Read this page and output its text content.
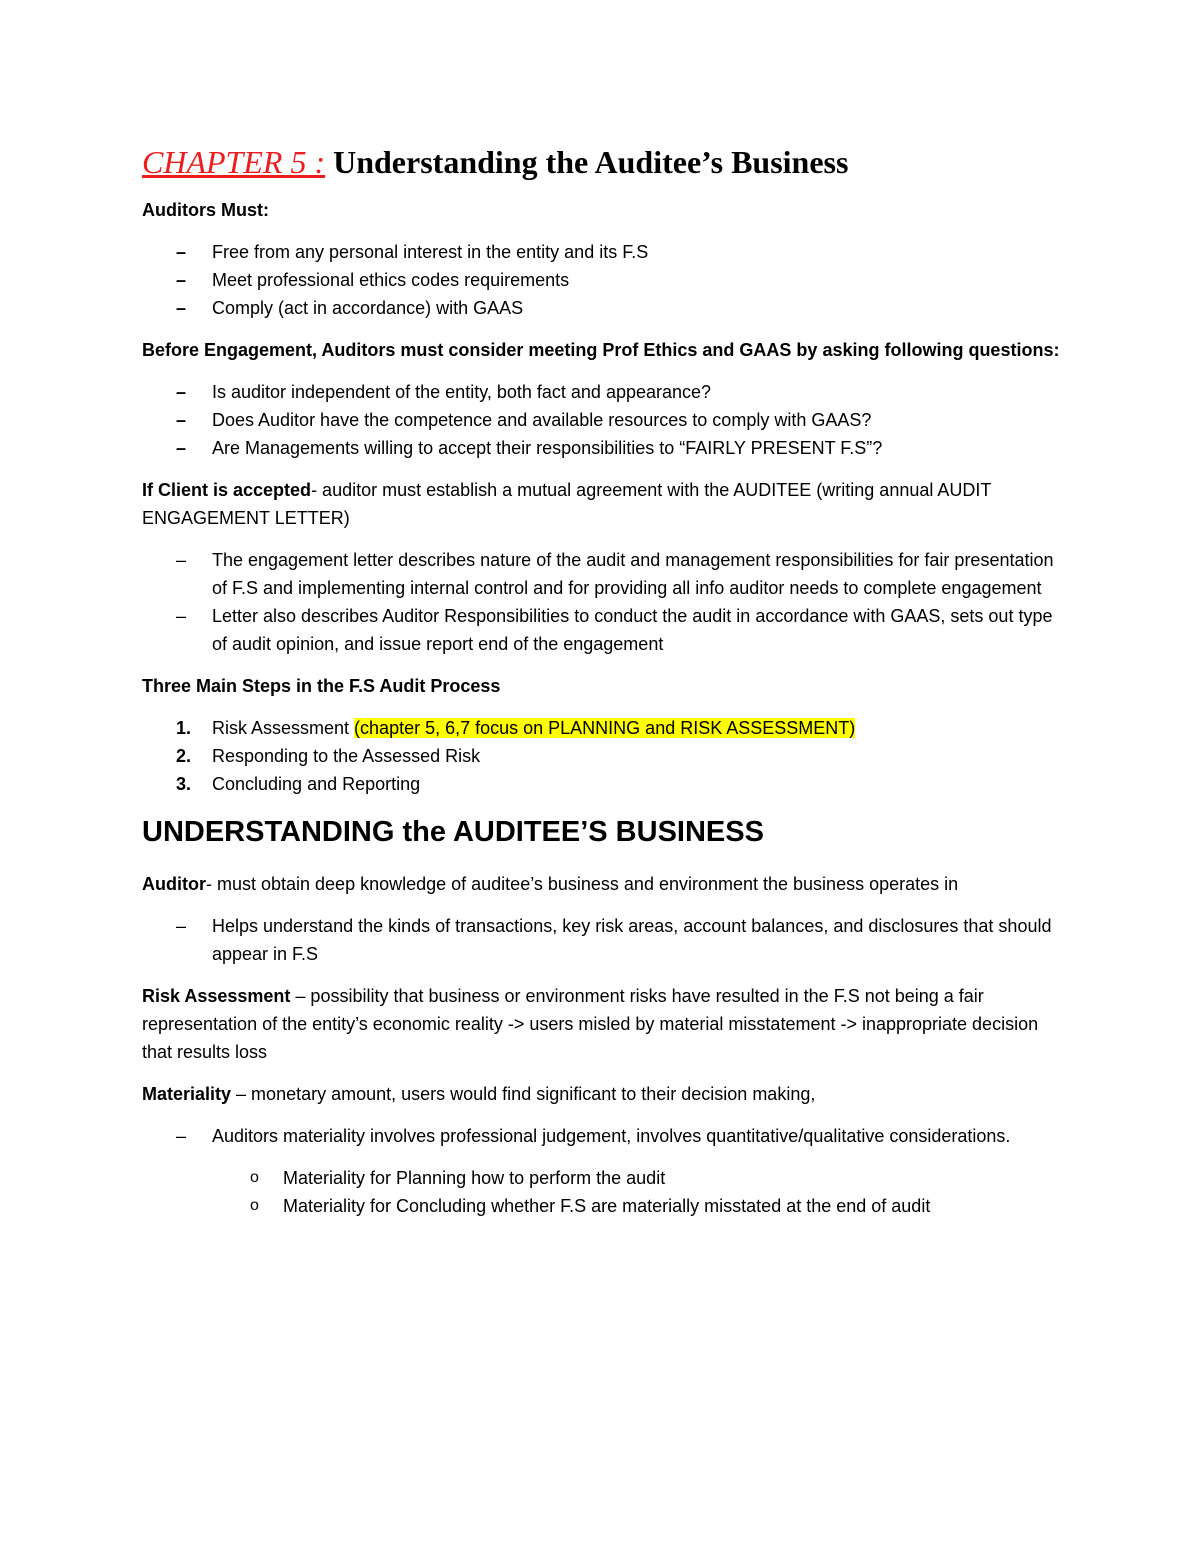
CHAPTER 5 : Understanding the Auditee’s Business

Auditors Must:

– Free from any personal interest in the entity and its F.S
– Meet professional ethics codes requirements
– Comply (act in accordance) with GAAS

Before Engagement, Auditors must consider meeting Prof Ethics and GAAS by asking following questions:

– Is auditor independent of the entity, both fact and appearance?
– Does Auditor have the competence and available resources to comply with GAAS?
– Are Managements willing to accept their responsibilities to “FAIRLY PRESENT F.S”?

If Client is accepted- auditor must establish a mutual agreement with the AUDITEE (writing annual AUDIT ENGAGEMENT LETTER)

– The engagement letter describes nature of the audit and management responsibilities for fair presentation of F.S and implementing internal control and for providing all info auditor needs to complete engagement
– Letter also describes Auditor Responsibilities to conduct the audit in accordance with GAAS, sets out type of audit opinion, and issue report end of the engagement

Three Main Steps in the F.S Audit Process

1. Risk Assessment (chapter 5, 6,7 focus on PLANNING and RISK ASSESSMENT)
2. Responding to the Assessed Risk
3. Concluding and Reporting
UNDERSTANDING the AUDITEE’S BUSINESS

Auditor- must obtain deep knowledge of auditee’s business and environment the business operates in

– Helps understand the kinds of transactions, key risk areas, account balances, and disclosures that should appear in F.S

Risk Assessment – possibility that business or environment risks have resulted in the F.S not being a fair representation of the entity’s economic reality -> users misled by material misstatement -> inappropriate decision that results loss

Materiality – monetary amount, users would find significant to their decision making,

– Auditors materiality involves professional judgement, involves quantitative/qualitative considerations.
o Materiality for Planning how to perform the audit
o Materiality for Concluding whether F.S are materially misstated at the end of audit
